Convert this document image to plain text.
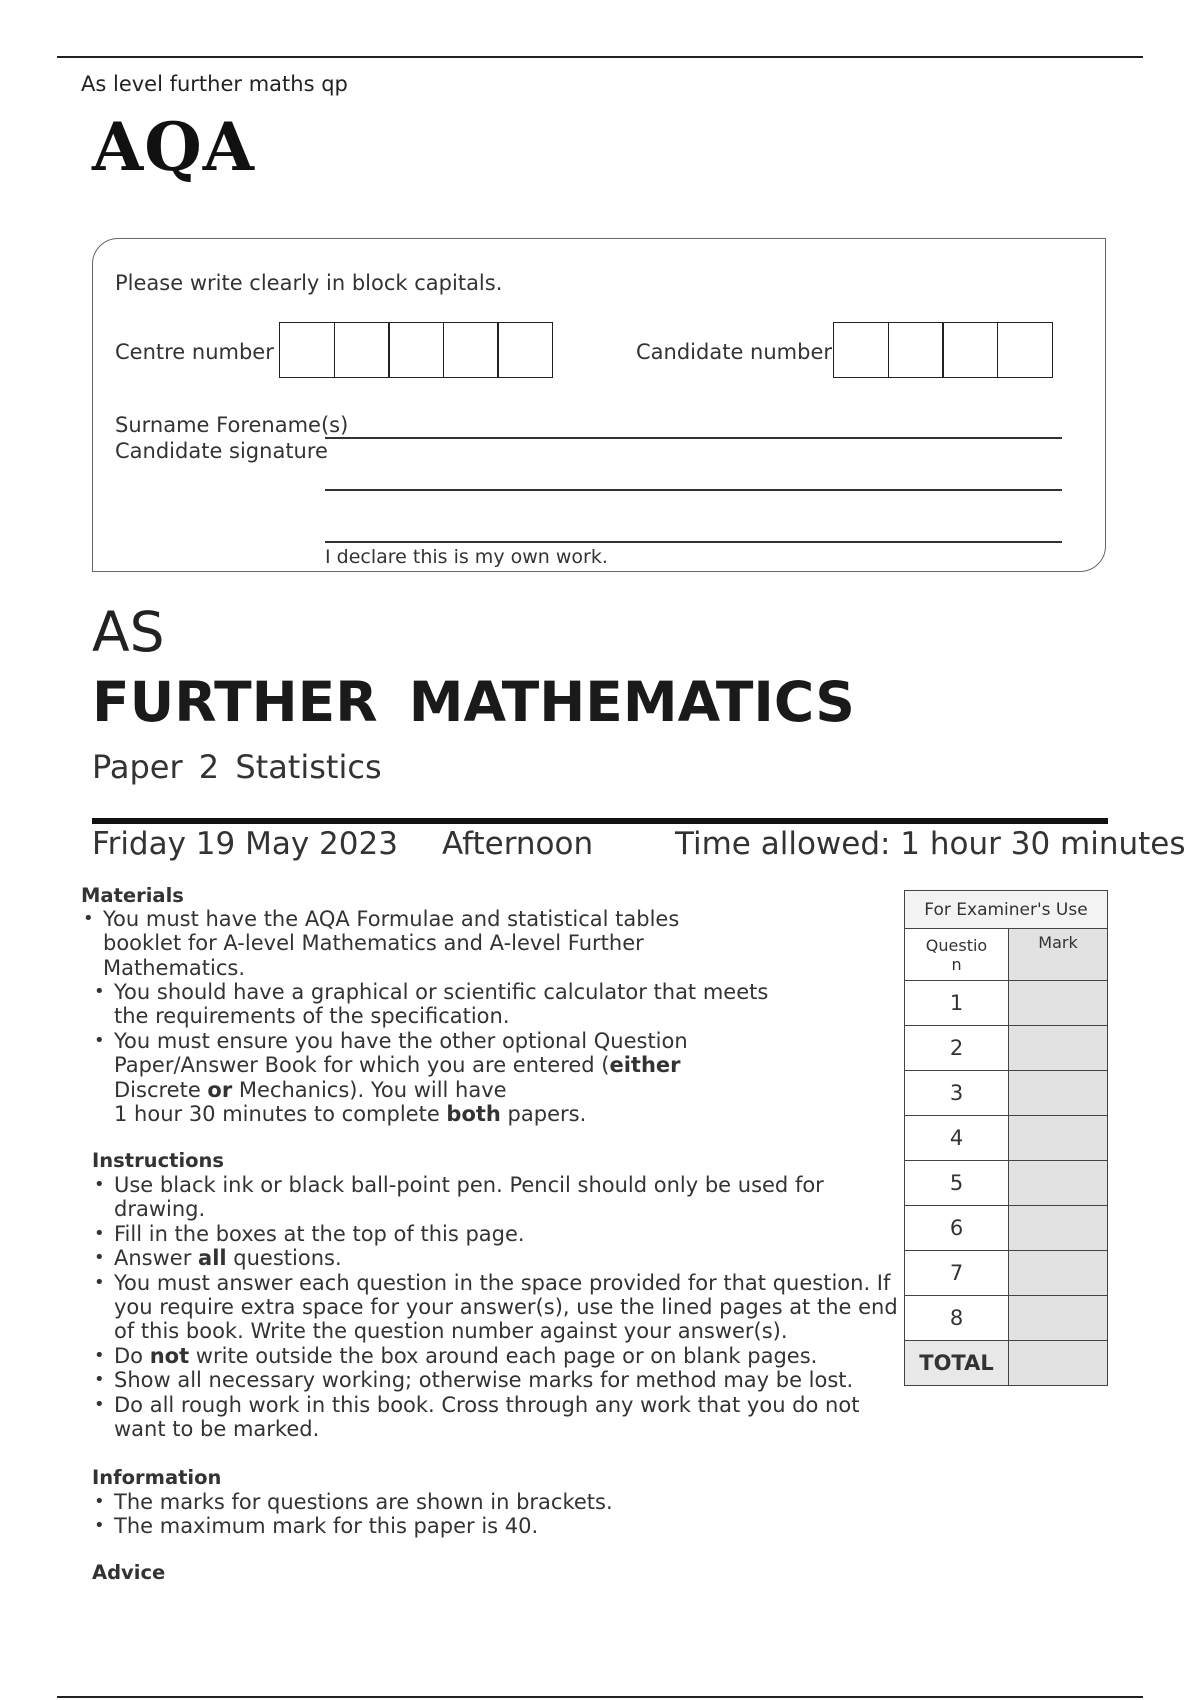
As level further maths qp
AQA
Please write clearly in block capitals.
Centre number	Candidate number
Surname Forename(s)
Candidate signature
I declare this is my own work.
AS
FURTHER MATHEMATICS
Paper 2 Statistics
Friday 19 May 2023 Afternoon	Time allowed: 1 hour 30 minutes
Materials
• You must have the AQA Formulae and statistical tables booklet for A-level Mathematics and A-level Further Mathematics.
• You should have a graphical or scientific calculator that meets the requirements of the specification.
• You must ensure you have the other optional Question Paper/Answer Book for which you are entered (either Discrete or Mechanics). You will have
1 hour 30 minutes to complete both papers.
Instructions
• Use black ink or black ball-point pen. Pencil should only be used for drawing.
• Fill in the boxes at the top of this page.
• Answer all questions.
• You must answer each question in the space provided for that question. If you require extra space for your answer(s), use the lined pages at the end of this book. Write the question number against your answer(s).
• Do not write outside the box around each page or on blank pages.
• Show all necessary working; otherwise marks for method may be lost.
• Do all rough work in this book. Cross through any work that you do not want to be marked.
Information
• The marks for questions are shown in brackets.
• The maximum mark for this paper is 40.
Advice
For Examiner's Use	

Question	Mark
1	
2	
3	
4	
5	
6	
7	
8	
TOTAL	
